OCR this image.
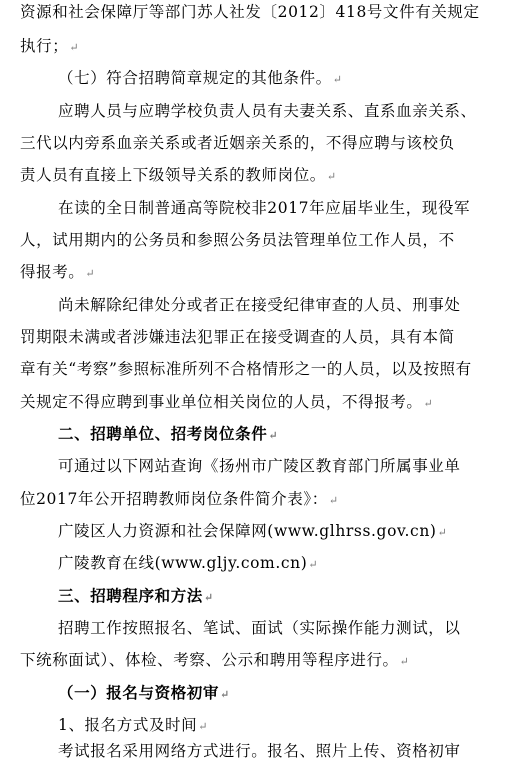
资源和社会保障厅等部门苏人社发〔2012〕418号文件有关规定
执行；↵
（七）符合招聘简章规定的其他条件。↵
应聘人员与应聘学校负责人员有夫妻关系、直系血亲关系、
三代以内旁系血亲关系或者近姻亲关系的，不得应聘与该校负
责人员有直接上下级领导关系的教师岗位。↵
在读的全日制普通高等院校非2017年应届毕业生，现役军
人，试用期内的公务员和参照公务员法管理单位工作人员，不
得报考。↵
尚未解除纪律处分或者正在接受纪律审查的人员、刑事处
罚期限未满或者涉嫌违法犯罪正在接受调查的人员，具有本简
章有关“考察”参照标准所列不合格情形之一的人员，以及按照有
关规定不得应聘到事业单位相关岗位的人员，不得报考。↵
二、招聘单位、招考岗位条件↵
可通过以下网站查询《扬州市广陵区教育部门所属事业单
位2017年公开招聘教师岗位条件简介表》：↵
广陵区人力资源和社会保障网(www.glhrss.gov.cn)↵
广陵教育在线(www.gljy.com.cn)↵
三、招聘程序和方法↵
招聘工作按照报名、笔试、面试（实际操作能力测试，以
下统称面试）、体检、考察、公示和聘用等程序进行。↵
（一）报名与资格初审↵
1、报名方式及时间↵
考试报名采用网络方式进行。报名、照片上传、资格初审
